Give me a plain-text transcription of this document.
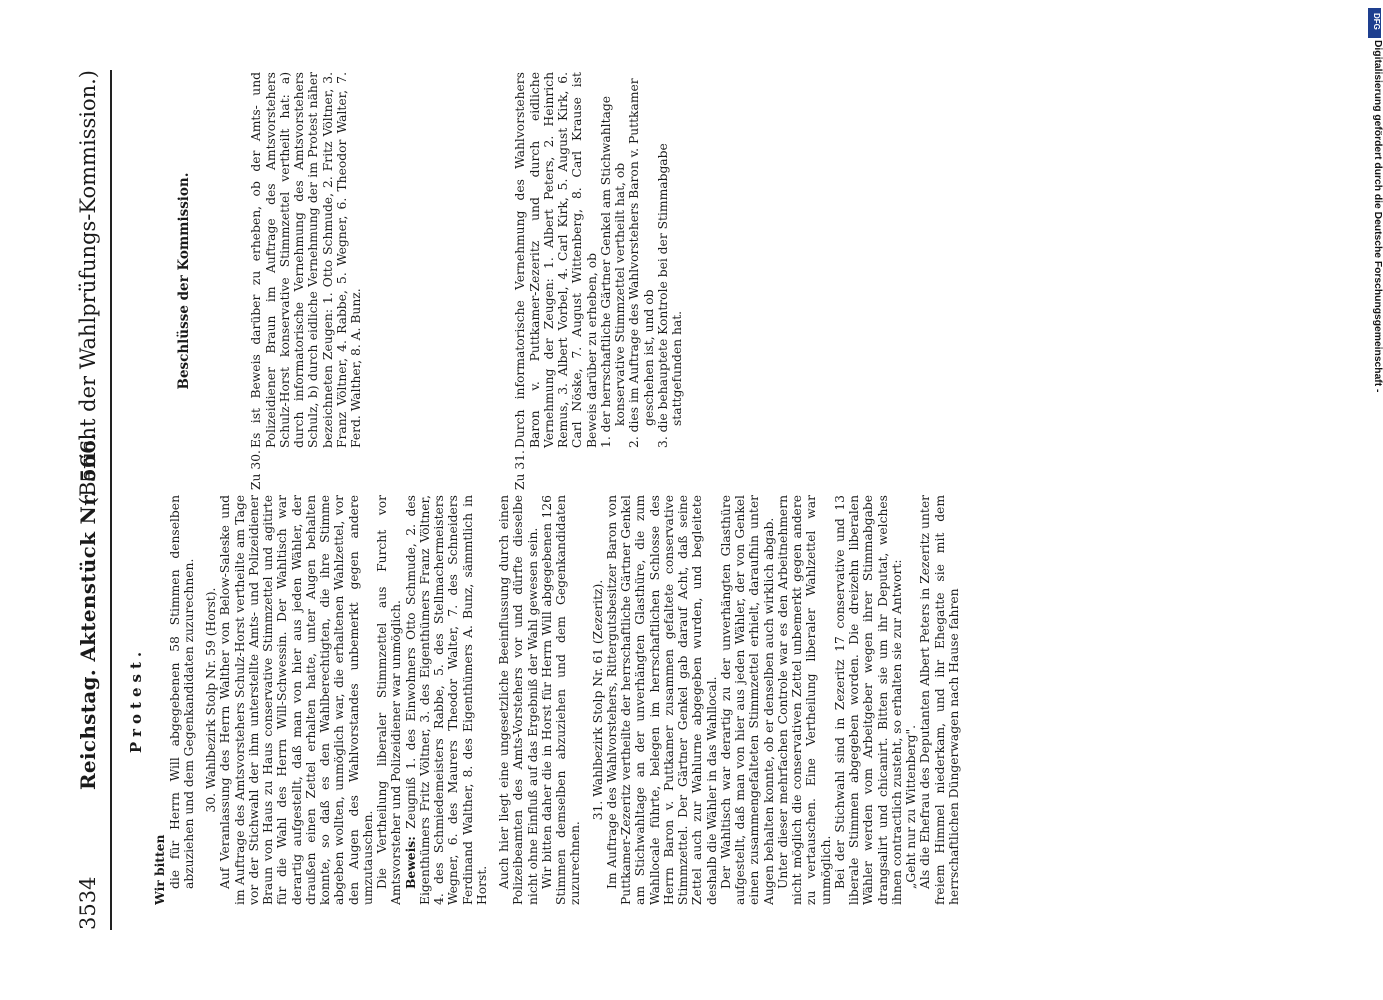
3534
Reichstag. Aktenstück Nr. 566.
(Bericht der Wahlprüfungs-Kommission.)
Protest.

Wir bitten die für Herrn Will abgegebenen 58 Stimmen denselben abzuziehen und dem Gegenkandidaten zuzurechnen. 30. Wahlbezirk Stolp Nr. 59 (Horst). Auf Veranlassung des Herrn Walther von Below-Saleske und im Auftrage des Amtsvorstehers Schulz-Horst vertheilte am Tage vor der Stichwahl der ihm unterstellte Amts- und Polizeidiener Braun von Haus zu Haus conservative Stimmzettel und agitirte für die Wahl des Herrn Will-Schwessin. Der Wahltisch war derartig aufgestellt, daß man von hier aus jeden Wähler, der draußen einen Zettel erhalten hatte, unter Augen behalten konnte, so daß es den Wahlberechtigten, die ihre Stimme abgeben wollten, unmöglich war, die erhaltenen Wahlzettel, vor den Augen des Wahlvorstandes unbemerkt gegen andere umzutauschen. Die Vertheilung liberaler Stimmzettel aus Furcht vor Amtsvorsteher und Polizeidiener war unmöglich. Beweis: Zeugniß 1. des Einwohners Otto Schmude, 2. des Eigenthümers Fritz Völtner, 3. des Eigenthümers Franz Völtner, 4. des Schmiedemeisters Rabbe, 5. des Stellmachermeisters Wegner, 6. des Maurers Theodor Walter, 7. des Schneiders Ferdinand Walther, 8. des Eigenthümers A. Bunz, sämmtlich in Horst. Auch hier liegt eine ungesetzliche Beeinflussung durch einen Polizeibeamten des Amts-Vorstehers vor und dürfte dieselbe nicht ohne Einfluß auf das Ergebniß der Wahl gewesen sein. Wir bitten daher die in Horst für Herrn Will abgegebenen 126 Stimmen demselben abzuziehen und dem Gegenkandidaten zuzurechnen.

31. Wahlbezirk Stolp Nr. 61 (Zezeritz). Im Auftrage des Wahlvorstehers, Rittergutsbesitzer Baron von Puttkamer-Zezeritz vertheilte der herrschaftliche Gärtner Genkel am Stichwahltage an der unverhängten Glasthüre, die zum Wahllocale führte, belegen im herrschaftlichen Schlosse des Herrn Baron v. Puttkamer zusammen gefaltete conservative Stimmzettel. Der Gärtner Genkel gab darauf Acht, daß seine Zettel auch zur Wahlurne abgegeben wurden, und begleitete deshalb die Wähler in das Wahllocal. Der Wahltisch war derartig zu der unverhängten Glasthüre aufgestellt, daß man von hier aus jeden Wähler, der von Genkel einen zusammengefalteten Stimmzettel erhielt, daraufhin unter Augen behalten konnte, ob er denselben auch wirklich abgab. Unter dieser mehrfachen Controle war es den Arbeitnehmern nicht möglich die conservativen Zettel unbemerkt gegen andere zu vertauschen. Eine Vertheilung liberaler Wahlzettel war unmöglich. Bei der Stichwahl sind in Zezeritz 17 conservative und 13 liberale Stimmen abgegeben worden. Die dreizehn liberalen Wähler werden vom Arbeitgeber wegen ihrer Stimmabgabe drangsalirt und chicanirt. Bitten sie um ihr Deputat, welches ihnen contractlich zusteht, so erhalten sie zur Antwort: „Geht nur zu Wittenberg". Als die Ehefrau des Deputanten Albert Peters in Zezeritz unter freiem Himmel niederkam, und ihr Ehegatte sie mit dem herrschaftlichen Düngerwagen nach Hause fahren

Beschlüsse der Kommission.
Zu 30.

Es ist Beweis darüber zu erheben, ob der Amts- und Polizeidiener Braun im Auftrage des Amtsvorstehers Schulz-Horst konservative Stimmzettel vertheilt hat: a) durch informatorische Vernehmung des Amtsvorstehers Schulz, b) durch eidliche Vernehmung der im Protest näher bezeichneten Zeugen: 1. Otto Schmude, 2. Fritz Völtner, 3. Franz Völtner, 4. Rabbe, 5. Wegner, 6. Theodor Walter, 7. Ferd. Walther, 8. A. Bunz.

Zu 31.

Durch informatorische Vernehmung des Wahlvorstehers Baron v. Puttkamer-Zezeritz und durch eidliche Vernehmung der Zeugen: 1. Albert Peters, 2. Heinrich Remus, 3. Albert Vorbel, 4. Carl Kirk, 5. August Kirk, 6. Carl Nöske, 7. August Wittenberg, 8. Carl Krause ist Beweis darüber zu erheben, ob 1. der herrschaftliche Gärtner Genkel am Stichwahltage konservative Stimmzettel vertheilt hat, ob 2. dies im Auftrage des Wahlvorstehers Baron v. Puttkamer geschehen ist, und ob 3. die behauptete Kontrole bei der Stimmabgabe stattgefunden hat.	Digitalisierung gefördert durch die Deutsche Forschungsgemeinschaft -
DFG
